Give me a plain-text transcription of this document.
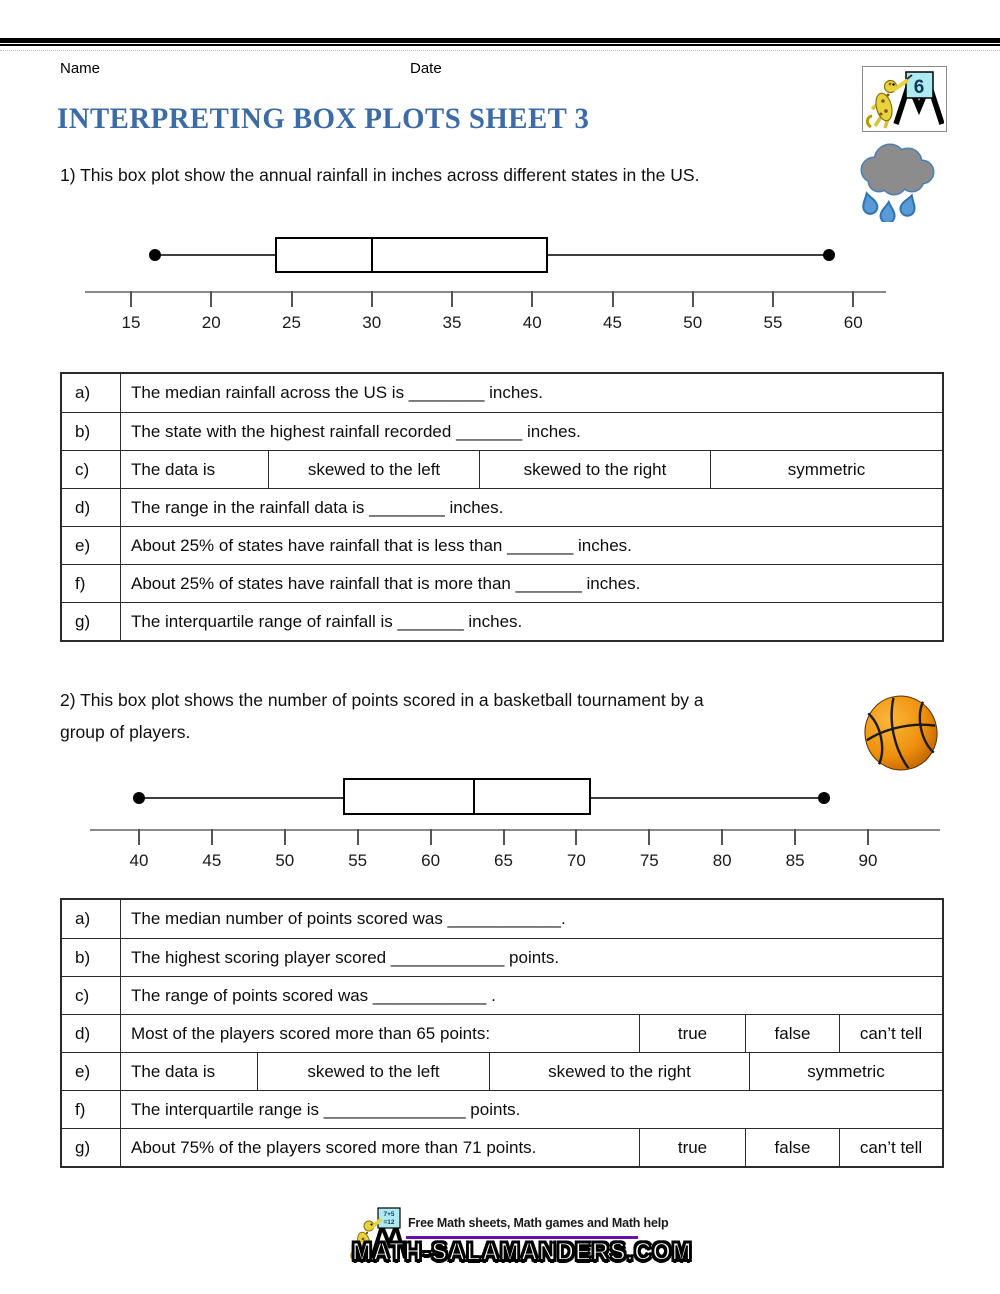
Name	Date
6
INTERPRETING BOX PLOTS SHEET 3
1) This box plot show the annual rainfall in inches across different states in the US.
15	20	25	30	35	40	45	50	55	60
a)	The median rainfall across the US is ________ inches.
b)	The state with the highest rainfall recorded _______ inches.
c)	The data is	skewed to the left	skewed to the right	symmetric
d)	The range in the rainfall data is ________ inches.
e)	About 25% of states have rainfall that is less than _______ inches.
f)	About 25% of states have rainfall that is more than _______ inches.
g)	The interquartile range of rainfall is _______ inches.
2) This box plot shows the number of points scored in a basketball tournament by a
group of players.
40	45	50	55	60	65	70	75	80	85	90
a)	The median number of points scored was ____________.
b)	The highest scoring player scored ____________ points.
c)	The range of points scored was ____________ .
d)	Most of the players scored more than 65 points:	true	false	can’t tell
e)	The data is	skewed to the left	skewed to the right	symmetric
f)	The interquartile range is _______________ points.
g)	About 75% of the players scored more than 71 points.	true	false	can’t tell
7+5
=12 Free Math sheets, Math games and Math help
MATH-SALAMANDERS.COM
